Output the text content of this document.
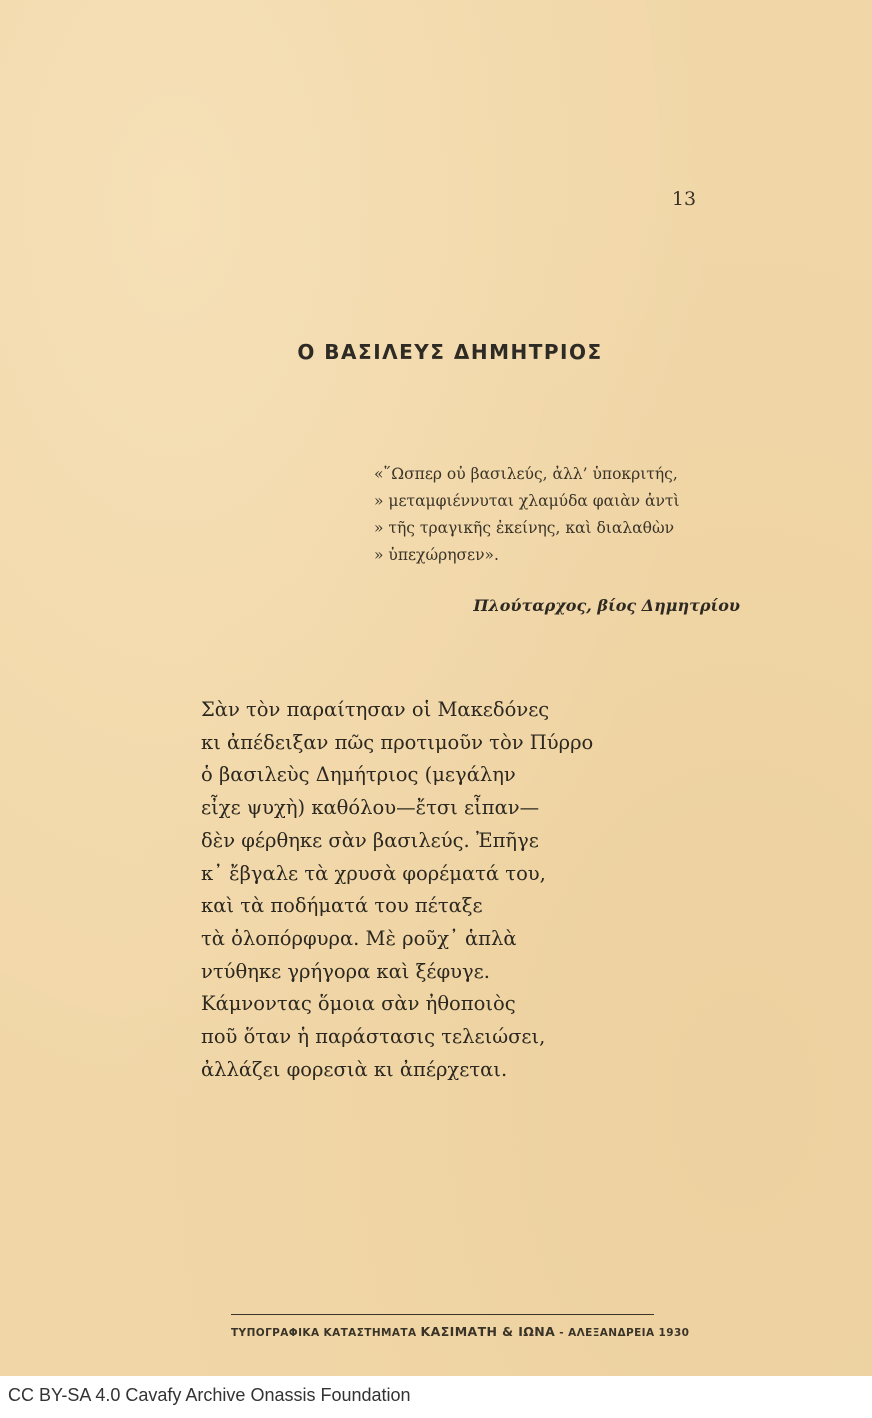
13
Ο ΒΑΣΙΛΕΥΣ ΔΗΜΗΤΡΙΟΣ
«῞Ωσπερ οὐ βασιλεύς, ἀλλ’ ὑποκριτής,
» μεταμφιέννυται χλαμύδα φαιὰν ἀντὶ
» τῆς τραγικῆς ἐκείνης, καὶ διαλαθὼν
» ὑπεχώρησεν».
Πλούταρχος, βίος Δημητρίου
Σὰν τὸν παραίτησαν οἱ Μακεδόνες
κι ἀπέδειξαν πῶς προτιμοῦν τὸν Πύρρο
ὁ βασιλεὺς Δημήτριος (μεγάλην
εἶχε ψυχὴ) καθόλου—ἔτσι εἶπαν—
δὲν φέρθηκε σὰν βασιλεύς. Ἐπῆγε
κ᾿ ἔβγαλε τὰ χρυσὰ φορέματά του,
καὶ τὰ ποδήματά του πέταξε
τὰ ὁλοπόρφυρα. Μὲ ροῦχ᾿ ἁπλὰ
ντύθηκε γρήγορα καὶ ξέφυγε.
Κάμνοντας ὅμοια σὰν ἠθοποιὸς
ποῦ ὅταν ἡ παράστασις τελειώσει,
ἀλλάζει φορεσιὰ κι ἀπέρχεται.
ΤΥΠΟΓΡΑΦΙΚΑ ΚΑΤΑΣΤΗΜΑΤΑ ΚΑΣΙΜΑΤΗ & ΙΩΝΑ - ΑΛΕΞΑΝΔΡΕΙΑ 1930
CC BY-SA 4.0 Cavafy Archive Onassis Foundation
